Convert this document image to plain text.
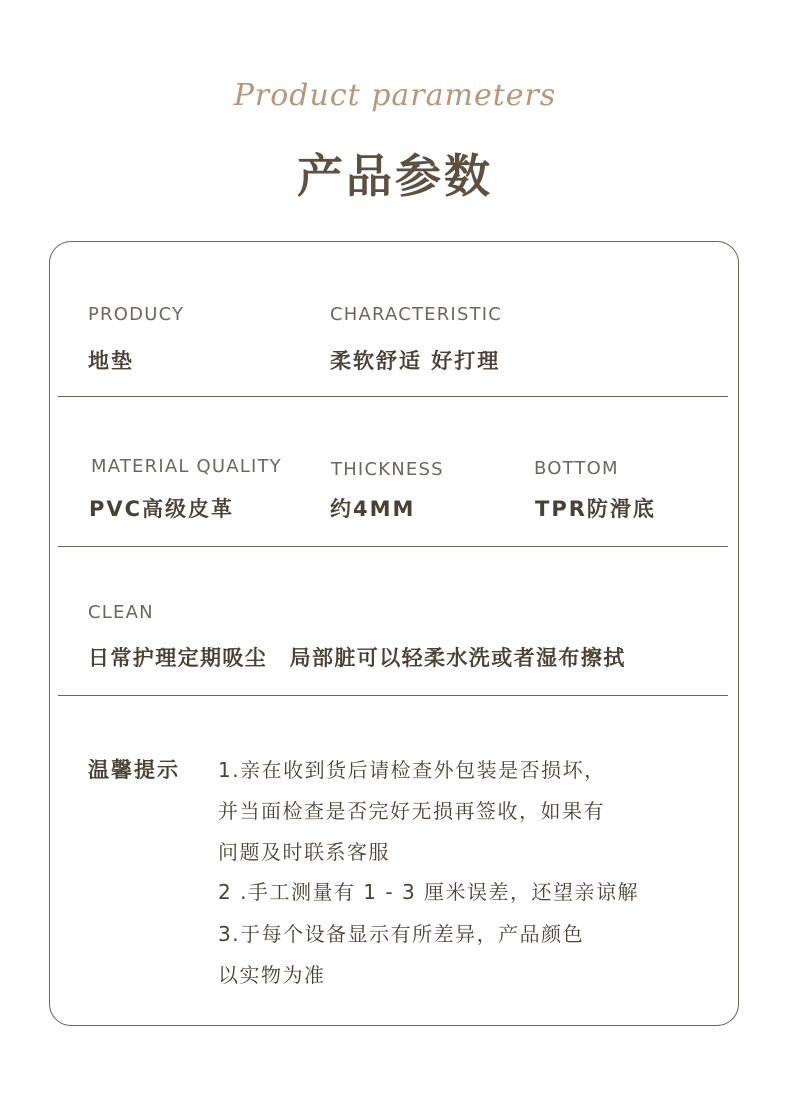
Product parameters
产品参数
PRODUCY
地垫
CHARACTERISTIC
柔软舒适 好打理
MATERIAL QUALITY
PVC高级皮革
THICKNESS
约4MM
BOTTOM
TPR防滑底
CLEAN
日常护理定期吸尘　局部脏可以轻柔水洗或者湿布擦拭
温馨提示 1.亲在收到货后请检查外包装是否损坏，
并当面检查是否完好无损再签收，如果有
问题及时联系客服
2 .手工测量有 1 - 3 厘米误差，还望亲谅解
3.于每个设备显示有所差异，产品颜色
以实物为准
